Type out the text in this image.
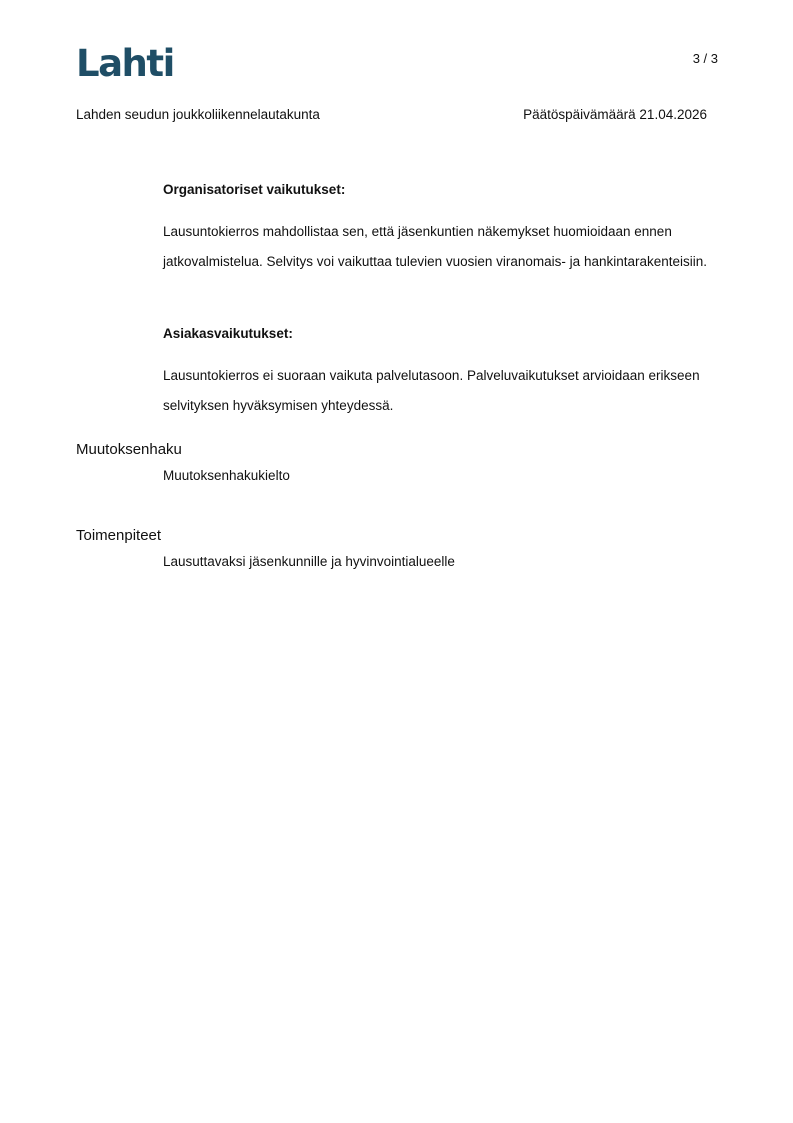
Lahti	3 / 3
Lahden seudun joukkoliikennelautakunta	Päätöspäivämäärä 21.04.2026
Organisatoriset vaikutukset:
Lausuntokierros mahdollistaa sen, että jäsenkuntien näkemykset huomioidaan ennen jatkovalmistelua. Selvitys voi vaikuttaa tulevien vuosien viranomais- ja hankintarakenteisiin.
Asiakasvaikutukset:
Lausuntokierros ei suoraan vaikuta palvelutasoon. Palveluvaikutukset arvioidaan erikseen selvityksen hyväksymisen yhteydessä.
Muutoksenhaku
Muutoksenhakukielto
Toimenpiteet
Lausuttavaksi jäsenkunnille ja hyvinvointialueelle
